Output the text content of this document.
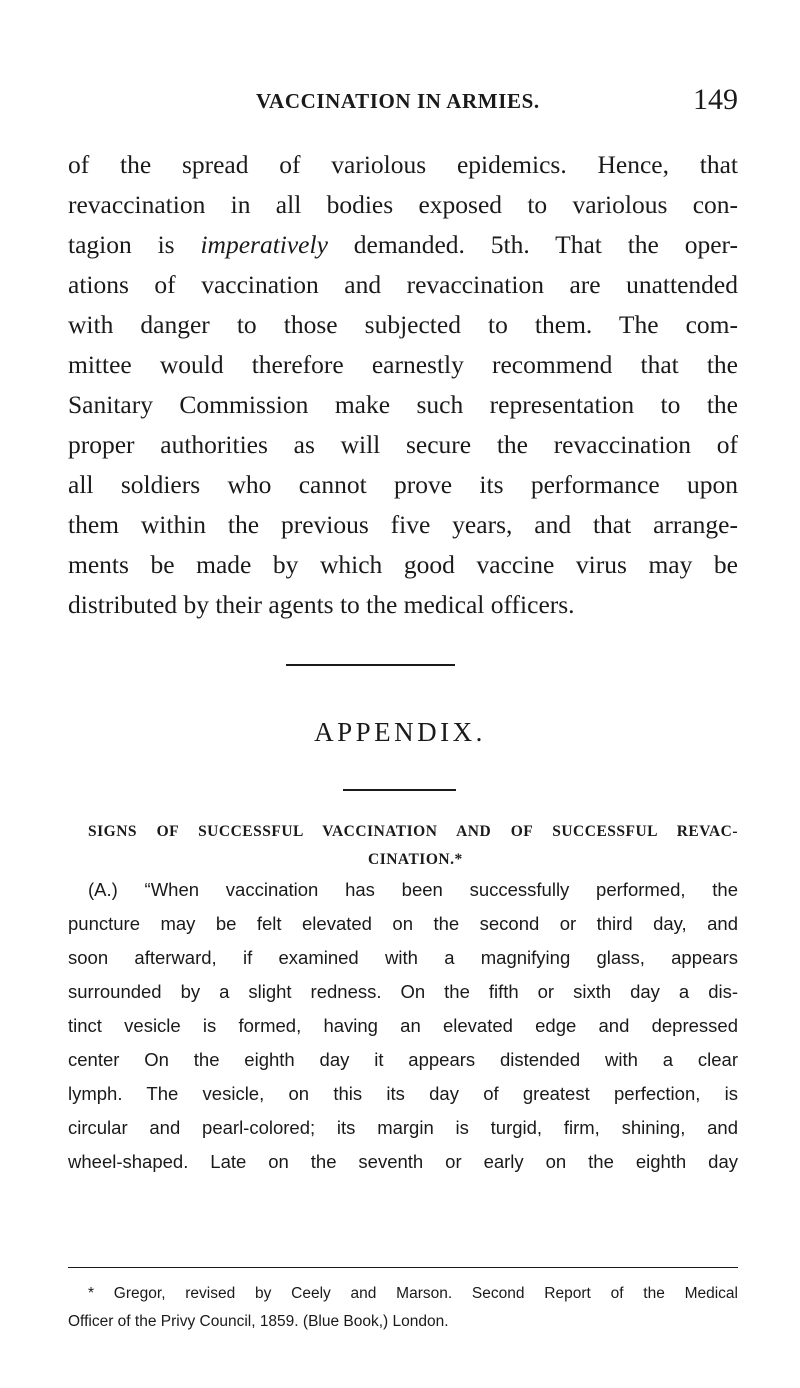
VACCINATION IN ARMIES.	149
of the spread of variolous epidemics. Hence, that
revaccination in all bodies exposed to variolous con-
tagion is imperatively demanded. 5th. That the oper-
ations of vaccination and revaccination are unattended
with danger to those subjected to them. The com-
mittee would therefore earnestly recommend that the
Sanitary Commission make such representation to the
proper authorities as will secure the revaccination of
all soldiers who cannot prove its performance upon
them within the previous five years, and that arrange-
ments be made by which good vaccine virus may be
distributed by their agents to the medical officers.
APPENDIX.
SIGNS OF SUCCESSFUL VACCINATION AND OF SUCCESSFUL REVAC-
CINATION.*
(A.) “When vaccination has been successfully performed, the
puncture may be felt elevated on the second or third day, and
soon afterward, if examined with a magnifying glass, appears
surrounded by a slight redness. On the fifth or sixth day a dis-
tinct vesicle is formed, having an elevated edge and depressed
center On the eighth day it appears distended with a clear
lymph. The vesicle, on this its day of greatest perfection, is
circular and pearl-colored; its margin is turgid, firm, shining, and
wheel-shaped. Late on the seventh or early on the eighth day
* Gregor, revised by Ceely and Marson. Second Report of the Medical
Officer of the Privy Council, 1859. (Blue Book,) London.
